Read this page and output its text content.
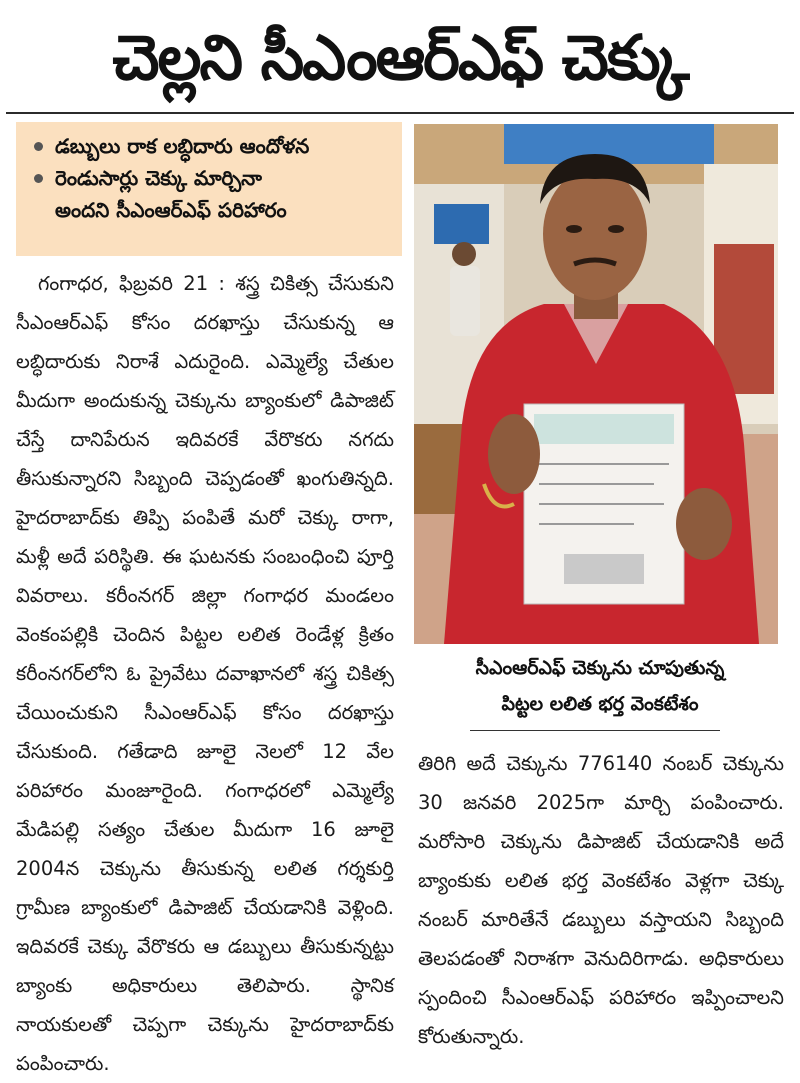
చెల్లని సీఎంఆర్ఎఫ్ చెక్కు
డబ్బులు రాక లబ్ధిదారు ఆందోళన
రెండుసార్లు చెక్కు మార్చినా
అందని సీఎంఆర్ఎఫ్ పరిహారం

గంగాధర, ఫిబ్రవరి 21 : శస్త్ర చికిత్స చేసుకుని సీఎంఆర్ఎఫ్ కోసం దరఖాస్తు చేసుకున్న ఆ లబ్ధిదారుకు నిరాశే ఎదురైంది. ఎమ్మెల్యే చేతుల మీదుగా అందుకున్న చెక్కును బ్యాంకులో డిపాజిట్ చేస్తే దానిపేరున ఇదివరకే వేరొకరు నగదు తీసుకున్నారని సిబ్బంది చెప్పడంతో ఖంగుతిన్నది. హైదరాబాద్‌కు తిప్పి పంపితే మరో చెక్కు రాగా, మళ్లీ అదే పరిస్థితి. ఈ ఘటనకు సంబంధించి పూర్తి వివరాలు. కరీంనగర్ జిల్లా గంగాధర మండలం వెంకంపల్లికి చెందిన పిట్టల లలిత రెండేళ్ల క్రితం కరీంనగర్‌లోని ఓ ప్రైవేటు దవాఖానలో శస్త్ర చికిత్స చేయించుకుని సీఎంఆర్ఎఫ్ కోసం దరఖాస్తు చేసుకుంది. గతేడాది జూలై నెలలో 12 వేల పరిహారం మంజూరైంది. గంగాధరలో ఎమ్మెల్యే మేడిపల్లి సత్యం చేతుల మీదుగా 16 జూలై 2004న చెక్కును తీసుకున్న లలిత గర్శకుర్తి గ్రామీణ బ్యాంకులో డిపాజిట్ చేయడానికి వెళ్లింది. ఇదివరకే చెక్కు వేరొకరు ఆ డబ్బులు తీసుకున్నట్టు బ్యాంకు అధికారులు తెలిపారు. స్థానిక నాయకులతో చెప్పగా చెక్కును హైదరాబాద్‌కు పంపించారు.

సీఎంఆర్ఎఫ్ చెక్కును చూపుతున్న
పిట్టల లలిత భర్త వెంకటేశం

తిరిగి అదే చెక్కును 776140 నంబర్ చెక్కును 30 జనవరి 2025గా మార్చి పంపించారు. మరోసారి చెక్కును డిపాజిట్ చేయడానికి అదే బ్యాంకుకు లలిత భర్త వెంకటేశం వెళ్లగా చెక్కు నంబర్ మారితేనే డబ్బులు వస్తాయని సిబ్బంది తెలపడంతో నిరాశగా వెనుదిరిగాడు. అధికారులు స్పందించి సీఎంఆర్ఎఫ్ పరిహారం ఇప్పించాలని కోరుతున్నారు.
